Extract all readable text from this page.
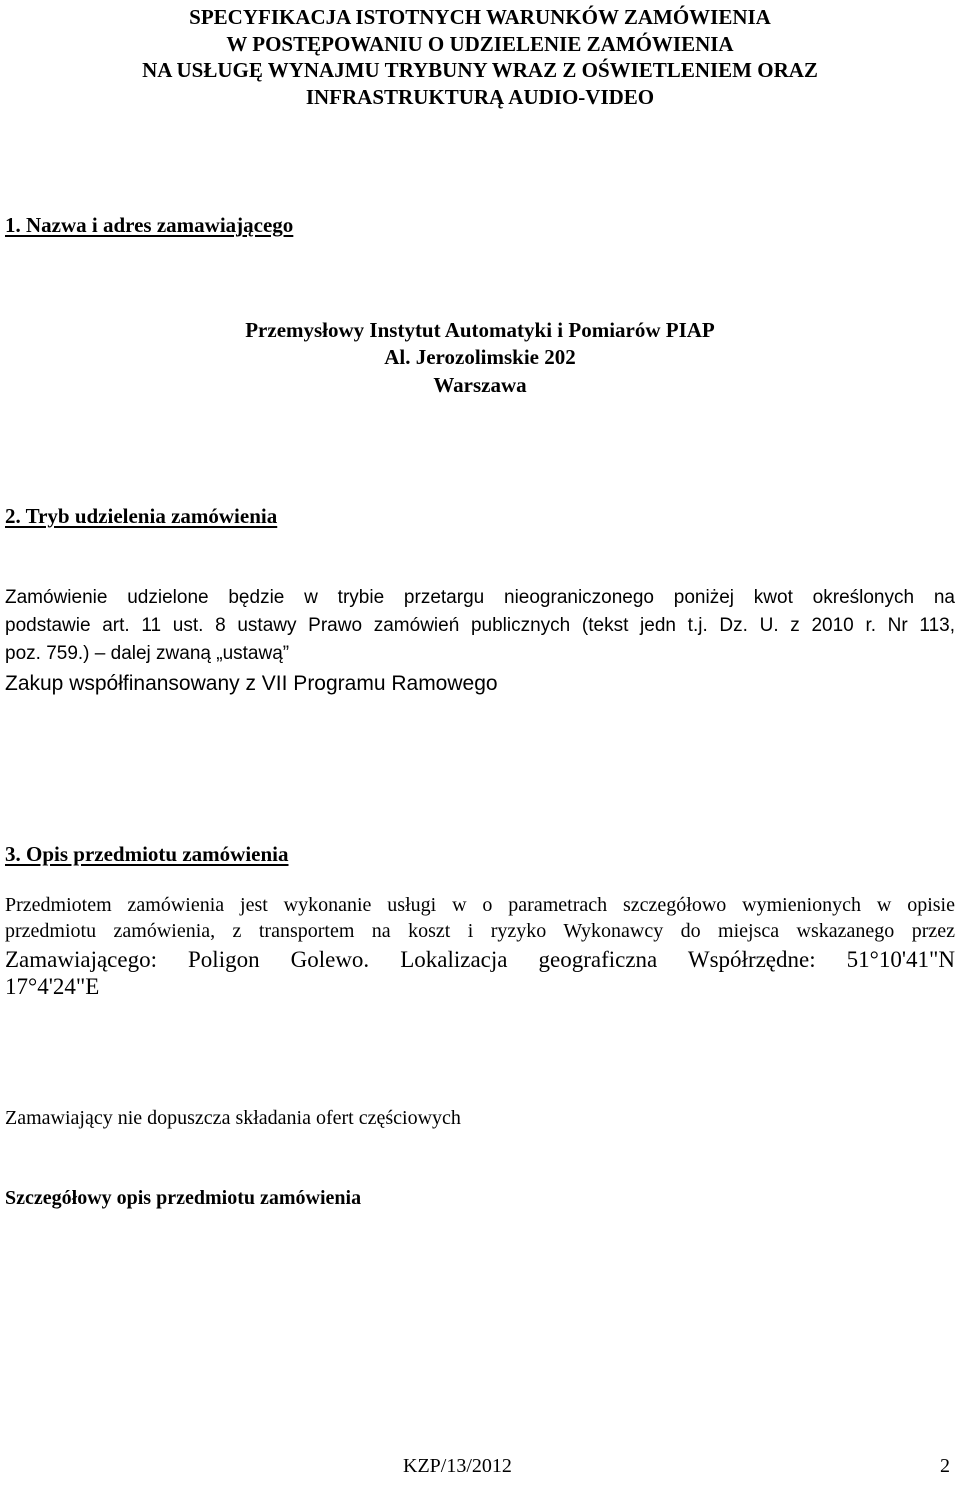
SPECYFIKACJA ISTOTNYCH WARUNKÓW ZAMÓWIENIA
W POSTĘPOWANIU O UDZIELENIE ZAMÓWIENIA
NA USŁUGĘ WYNAJMU TRYBUNY WRAZ Z OŚWIETLENIEM ORAZ
INFRASTRUKTURĄ AUDIO-VIDEO
1. Nazwa i adres zamawiającego
Przemysłowy Instytut Automatyki i Pomiarów PIAP
Al. Jerozolimskie 202
Warszawa
2. Tryb udzielenia zamówienia
Zamówienie udzielone będzie w trybie przetargu nieograniczonego poniżej kwot określonych na
podstawie art. 11 ust. 8 ustawy Prawo zamówień publicznych (tekst jedn t.j. Dz. U. z 2010 r. Nr 113,
poz. 759.) – dalej zwaną „ustawą”
Zakup współfinansowany z VII Programu Ramowego
3. Opis przedmiotu zamówienia
Przedmiotem zamówienia jest wykonanie usługi w o parametrach szczegółowo wymienionych w opisie
przedmiotu zamówienia, z transportem na koszt i ryzyko Wykonawcy do miejsca wskazanego przez
Zamawiającego: Poligon Golewo. Lokalizacja geograficzna Współrzędne: 51°10'41"N
17°4'24"E
Zamawiający nie dopuszcza składania ofert częściowych
Szczegółowy opis przedmiotu zamówienia
KZP/13/2012	2
